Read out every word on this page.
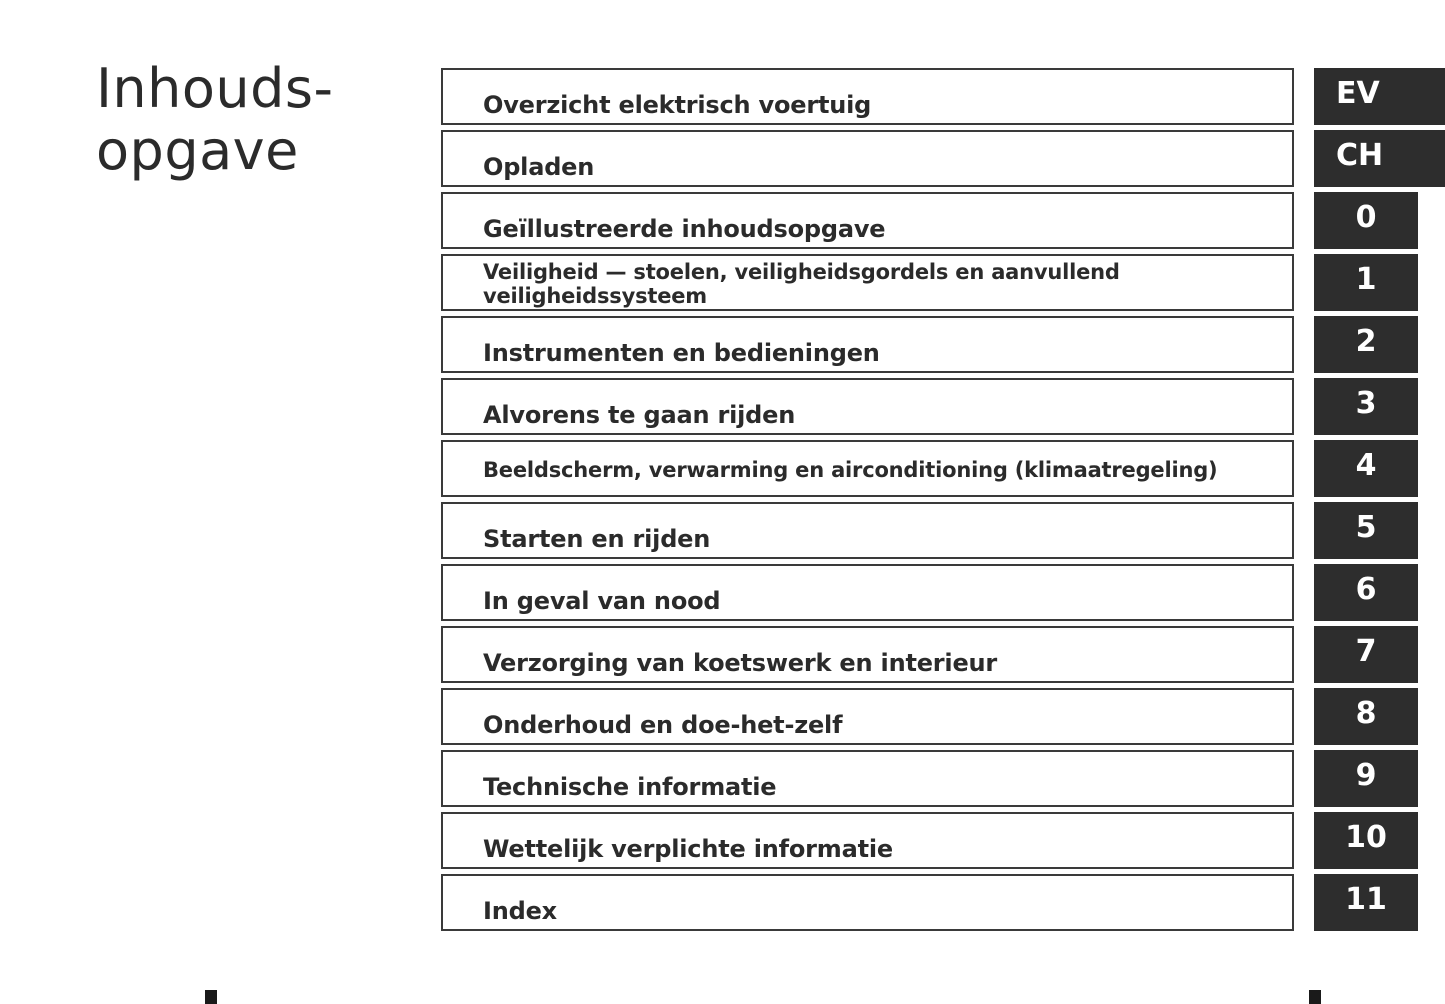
Inhouds-
opgave
Overzicht elektrisch voertuig	EV
Opladen	CH
Geïllustreerde inhoudsopgave	0
Veiligheid — stoelen, veiligheidsgordels en aanvullend veiligheidssysteem	1
Instrumenten en bedieningen	2
Alvorens te gaan rijden	3
Beeldscherm, verwarming en airconditioning (klimaatregeling)	4
Starten en rijden	5
In geval van nood	6
Verzorging van koetswerk en interieur	7
Onderhoud en doe-het-zelf	8
Technische informatie	9
Wettelijk verplichte informatie	10
Index	11
